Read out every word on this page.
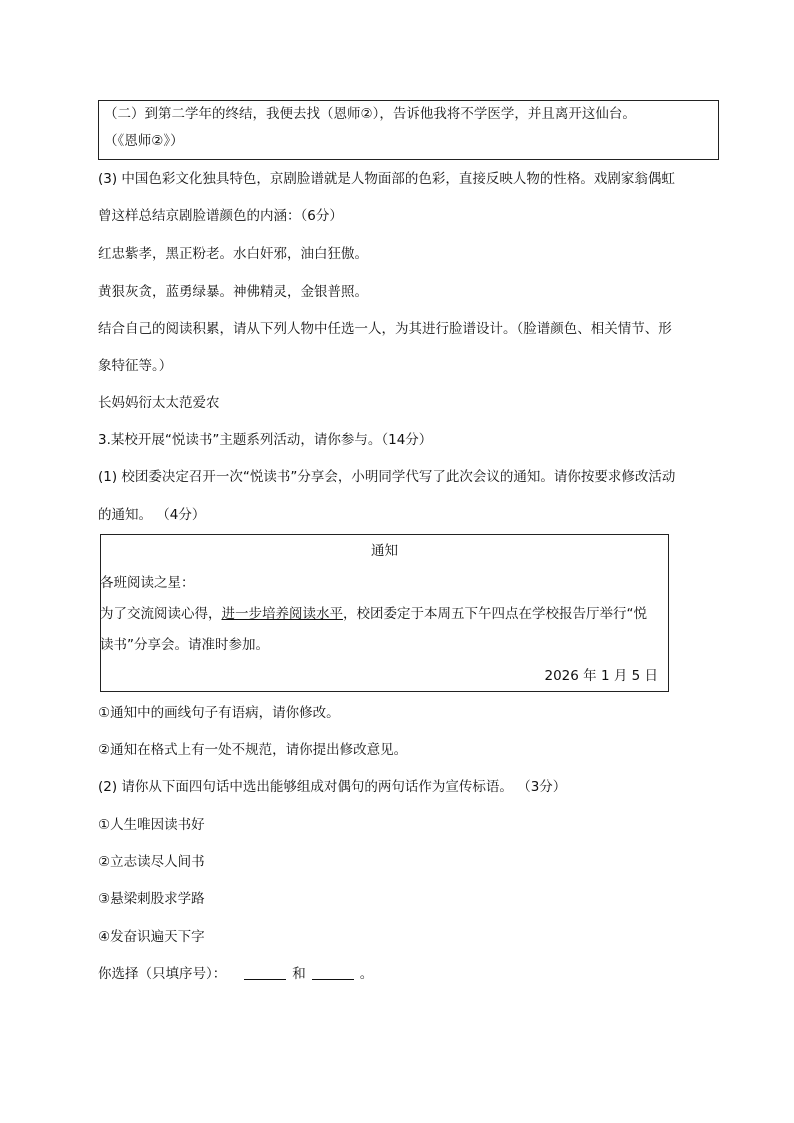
（二）到第二学年的终结，我便去找（恩师②），告诉他我将不学医学，并且离开这仙台。
（《恩师②》）
(3) 中国色彩文化独具特色，京剧脸谱就是人物面部的色彩，直接反映人物的性格。戏剧家翁偶虹
曾这样总结京剧脸谱颜色的内涵：（6分）
红忠紫孝，黑正粉老。水白奸邪，油白狂傲。
黄狠灰贪，蓝勇绿暴。神佛精灵，金银普照。
结合自己的阅读积累，请从下列人物中任选一人，为其进行脸谱设计。（脸谱颜色、相关情节、形
象特征等。）
长妈妈衍太太范爱农
3.某校开展“悦读书”主题系列活动，请你参与。（14分）
(1) 校团委决定召开一次“悦读书”分享会，小明同学代写了此次会议的通知。请你按要求修改活动
的通知。 （4分）
通知
各班阅读之星：
为了交流阅读心得，进一步培养阅读水平，校团委定于本周五下午四点在学校报告厅举行“悦
读书”分享会。请准时参加。
2026 年 1 月 5 日
①通知中的画线句子有语病，请你修改。
②通知在格式上有一处不规范，请你提出修改意见。
(2) 请你从下面四句话中选出能够组成对偶句的两句话作为宣传标语。 （3分）
①人生唯因读书好
②立志读尽人间书
③悬梁刺股求学路
④发奋识遍天下字
你选择（只填序号）：	和	。
